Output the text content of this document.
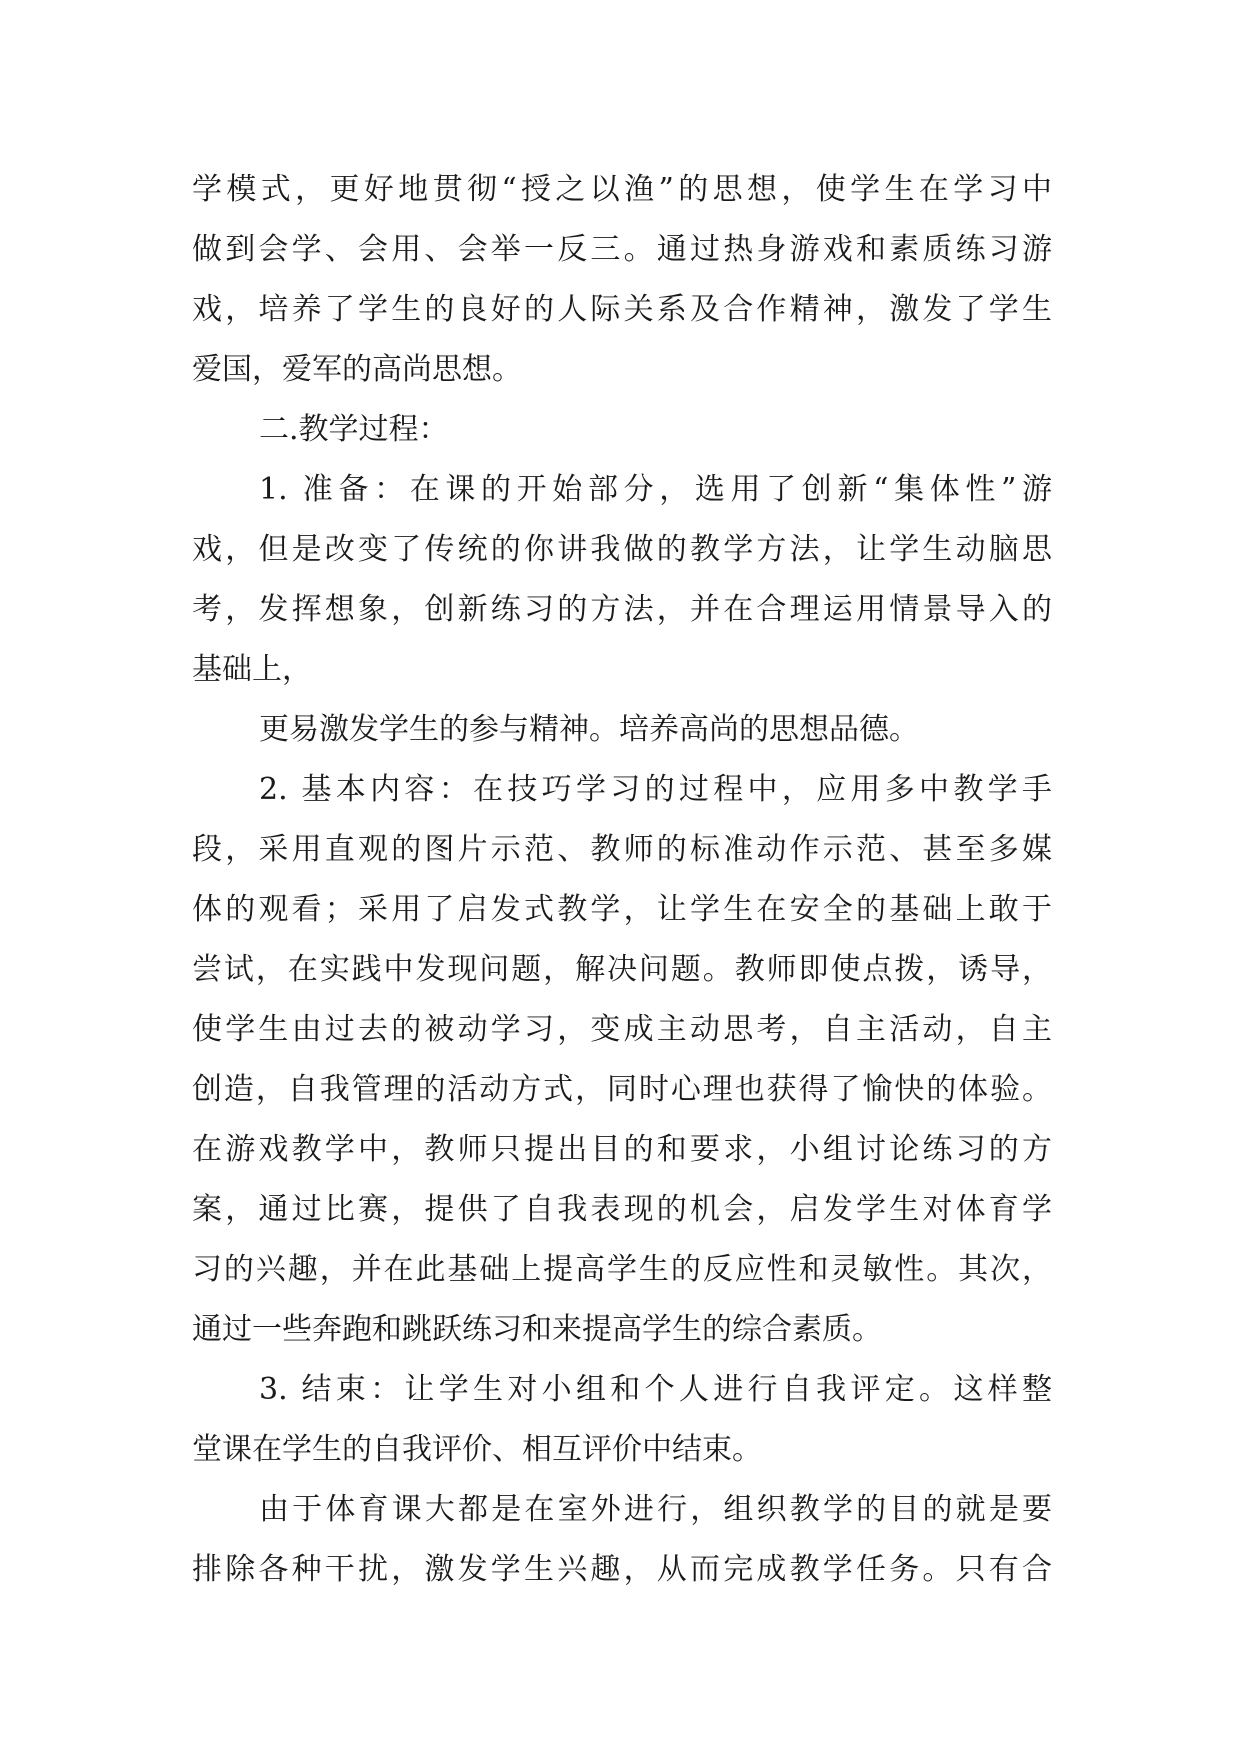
学模式，更好地贯彻“授之以渔”的思想，使学生在学习中
做到会学、会用、会举一反三。通过热身游戏和素质练习游
戏，培养了学生的良好的人际关系及合作精神，激发了学生
爱国，爱军的高尚思想。
二.教学过程：
1. 准备：在课的开始部分，选用了创新“集体性”游
戏，但是改变了传统的你讲我做的教学方法，让学生动脑思
考，发挥想象，创新练习的方法，并在合理运用情景导入的
基础上，
更易激发学生的参与精神。培养高尚的思想品德。
2. 基本内容：在技巧学习的过程中，应用多中教学手
段，采用直观的图片示范、教师的标准动作示范、甚至多媒
体的观看；采用了启发式教学，让学生在安全的基础上敢于
尝试，在实践中发现问题，解决问题。教师即使点拨，诱导，
使学生由过去的被动学习，变成主动思考，自主活动，自主
创造，自我管理的活动方式，同时心理也获得了愉快的体验。
在游戏教学中，教师只提出目的和要求，小组讨论练习的方
案，通过比赛，提供了自我表现的机会，启发学生对体育学
习的兴趣，并在此基础上提高学生的反应性和灵敏性。其次，
通过一些奔跑和跳跃练习和来提高学生的综合素质。
3. 结束：让学生对小组和个人进行自我评定。这样整
堂课在学生的自我评价、相互评价中结束。
由于体育课大都是在室外进行，组织教学的目的就是要
排除各种干扰，激发学生兴趣，从而完成教学任务。只有合
